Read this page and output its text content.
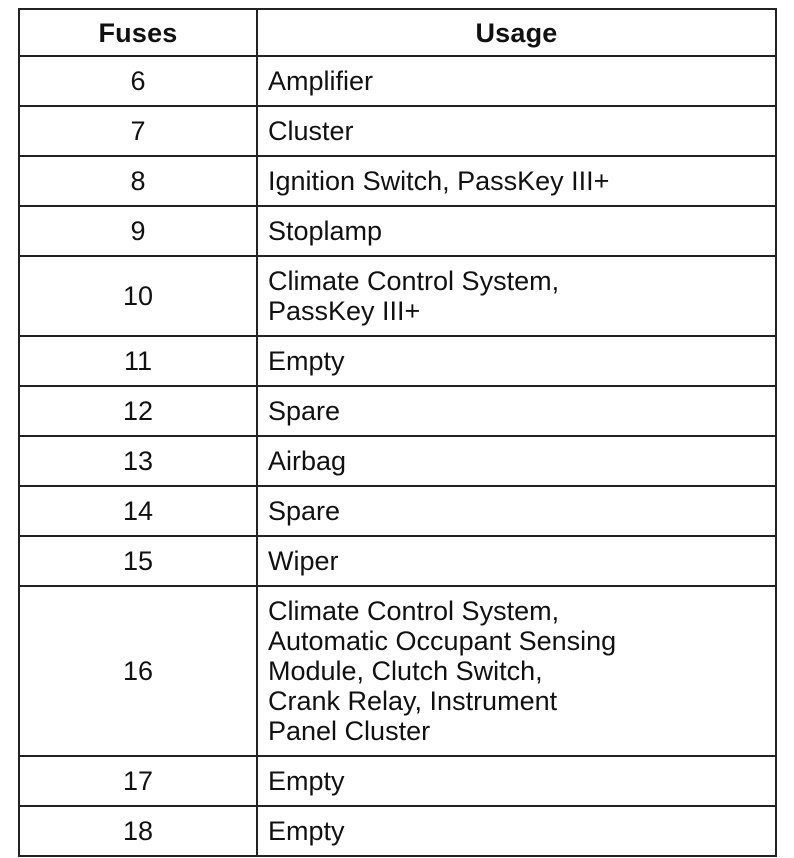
Fuses	Usage
6	Amplifier
7	Cluster
8	Ignition Switch, PassKey III+
9	Stoplamp
10	Climate Control System,
PassKey III+
11	Empty
12	Spare
13	Airbag
14	Spare
15	Wiper
16	Climate Control System,
Automatic Occupant Sensing
Module, Clutch Switch,
Crank Relay, Instrument
Panel Cluster
17	Empty
18	Empty
